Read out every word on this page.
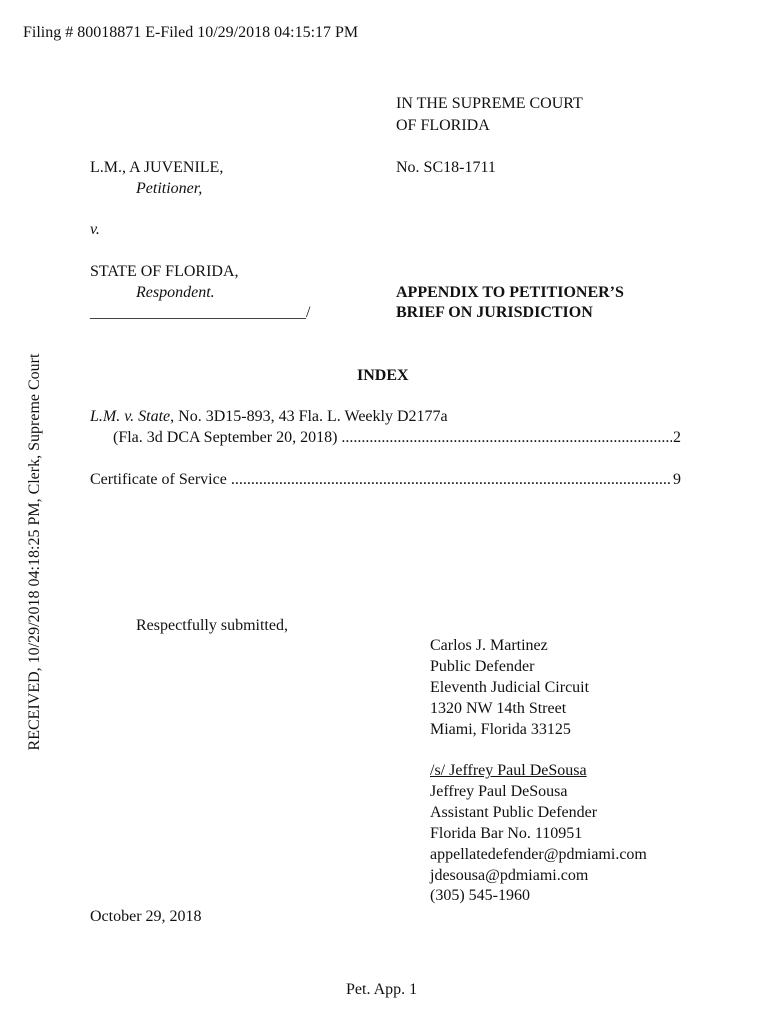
Filing # 80018871 E-Filed 10/29/2018 04:15:17 PM
RECEIVED, 10/29/2018 04:18:25 PM, Clerk, Supreme Court
IN THE SUPREME COURT
OF FLORIDA
L.M., A JUVENILE,
Petitioner,
v.
STATE OF FLORIDA,
Respondent.
___________________________/
No. SC18-1711
APPENDIX TO PETITIONER’S
BRIEF ON JURISDICTION
INDEX
L.M. v. State, No. 3D15-893, 43 Fla. L. Weekly D2177a
(Fla. 3d DCA September 20, 2018) .....	2
Certificate of Service .....	9
Respectfully submitted,
Carlos J. Martinez
Public Defender
Eleventh Judicial Circuit
1320 NW 14th Street
Miami, Florida 33125
/s/ Jeffrey Paul DeSousa
Jeffrey Paul DeSousa
Assistant Public Defender
Florida Bar No. 110951
appellatedefender@pdmiami.com
jdesousa@pdmiami.com
(305) 545-1960
October 29, 2018
Pet. App. 1
